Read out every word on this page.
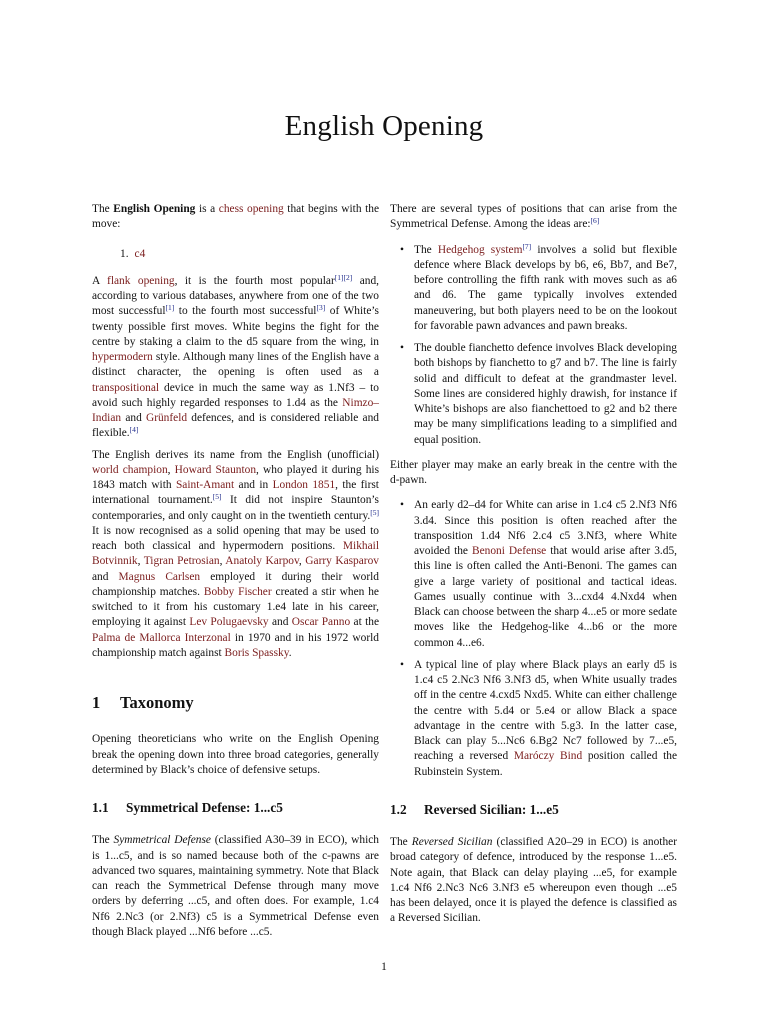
English Opening

The English Opening is a chess opening that begins with the move:

1. c4

A flank opening, it is the fourth most popular[1][2] and, according to various databases, anywhere from one of the two most successful[1] to the fourth most successful[3] of White’s twenty possible first moves. White begins the fight for the centre by staking a claim to the d5 square from the wing, in hypermodern style. Although many lines of the English have a distinct character, the opening is often used as a transpositional device in much the same way as 1.Nf3 – to avoid such highly regarded responses to 1.d4 as the Nimzo–Indian and Grünfeld defences, and is considered reliable and flexible.[4]

The English derives its name from the English (unofficial) world champion, Howard Staunton, who played it during his 1843 match with Saint-Amant and in London 1851, the first international tournament.[5] It did not inspire Staunton’s contemporaries, and only caught on in the twentieth century.[5] It is now recognised as a solid opening that may be used to reach both classical and hypermodern positions. Mikhail Botvinnik, Tigran Petrosian, Anatoly Karpov, Garry Kasparov and Magnus Carlsen employed it during their world championship matches. Bobby Fischer created a stir when he switched to it from his customary 1.e4 late in his career, employing it against Lev Polugaevsky and Oscar Panno at the Palma de Mallorca Interzonal in 1970 and in his 1972 world championship match against Boris Spassky.

1 Taxonomy

Opening theoreticians who write on the English Opening break the opening down into three broad categories, generally determined by Black’s choice of defensive setups.

1.1 Symmetrical Defense: 1...c5

The Symmetrical Defense (classified A30–39 in ECO), which is 1...c5, and is so named because both of the c-pawns are advanced two squares, maintaining symmetry. Note that Black can reach the Symmetrical Defense through many move orders by deferring ...c5, and often does. For example, 1.c4 Nf6 2.Nc3 (or 2.Nf3) c5 is a Symmetrical Defense even though Black played ...Nf6 before ...c5.

There are several types of positions that can arise from the Symmetrical Defense. Among the ideas are:[6]

• The Hedgehog system[7] involves a solid but flexible defence where Black develops by b6, e6, Bb7, and Be7, before controlling the fifth rank with moves such as a6 and d6. The game typically involves extended maneuvering, but both players need to be on the lookout for favorable pawn advances and pawn breaks.
• The double fianchetto defence involves Black developing both bishops by fianchetto to g7 and b7. The line is fairly solid and difficult to defeat at the grandmaster level. Some lines are considered highly drawish, for instance if White’s bishops are also fianchettoed to g2 and b2 there may be many simplifications leading to a simplified and equal position.

Either player may make an early break in the centre with the d-pawn.

• An early d2–d4 for White can arise in 1.c4 c5 2.Nf3 Nf6 3.d4. Since this position is often reached after the transposition 1.d4 Nf6 2.c4 c5 3.Nf3, where White avoided the Benoni Defense that would arise after 3.d5, this line is often called the Anti-Benoni. The games can give a large variety of positional and tactical ideas. Games usually continue with 3...cxd4 4.Nxd4 when Black can choose between the sharp 4...e5 or more sedate moves like the Hedgehog-like 4...b6 or the more common 4...e6.
• A typical line of play where Black plays an early d5 is 1.c4 c5 2.Nc3 Nf6 3.Nf3 d5, when White usually trades off in the centre 4.cxd5 Nxd5. White can either challenge the centre with 5.d4 or 5.e4 or allow Black a space advantage in the centre with 5.g3. In the latter case, Black can play 5...Nc6 6.Bg2 Nc7 followed by 7...e5, reaching a reversed Maróczy Bind position called the Rubinstein System.
1.2 Reversed Sicilian: 1...e5

The Reversed Sicilian (classified A20–29 in ECO) is another broad category of defence, introduced by the response 1...e5. Note again, that Black can delay playing ...e5, for example 1.c4 Nf6 2.Nc3 Nc6 3.Nf3 e5 whereupon even though ...e5 has been delayed, once it is played the defence is classified as a Reversed Sicilian.

1
